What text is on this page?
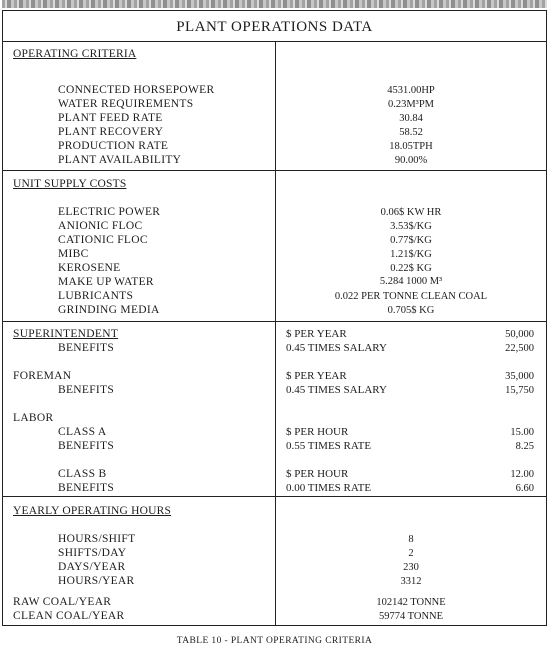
PLANT OPERATIONS DATA
OPERATING CRITERIA
CONNECTED HORSEPOWER	4531.00HP
WATER REQUIREMENTS	0.23M³PM
PLANT FEED RATE	30.84
PLANT RECOVERY	58.52
PRODUCTION RATE	18.05TPH
PLANT AVAILABILITY	90.00%
UNIT SUPPLY COSTS
ELECTRIC POWER	0.06$ KW HR
ANIONIC FLOC	3.53$/KG
CATIONIC FLOC	0.77$/KG
MIBC	1.21$/KG
KEROSENE	0.22$ KG
MAKE UP WATER	5.284 1000 M³
LUBRICANTS	0.022 PER TONNE CLEAN COAL
GRINDING MEDIA	0.705$ KG
SUPERINTENDENT	$ PER YEAR	50,000
BENEFITS	0.45 TIMES SALARY	22,500
FOREMAN	$ PER YEAR	35,000
BENEFITS	0.45 TIMES SALARY	15,750
LABOR
CLASS A	$ PER HOUR	15.00
BENEFITS	0.55 TIMES RATE	8.25
CLASS B	$ PER HOUR	12.00
BENEFITS	0.00 TIMES RATE	6.60
YEARLY OPERATING HOURS
HOURS/SHIFT	8
SHIFTS/DAY	2
DAYS/YEAR	230
HOURS/YEAR	3312
RAW COAL/YEAR	102142 TONNE
CLEAN COAL/YEAR	59774 TONNE
TABLE 10 - PLANT OPERATING CRITERIA
